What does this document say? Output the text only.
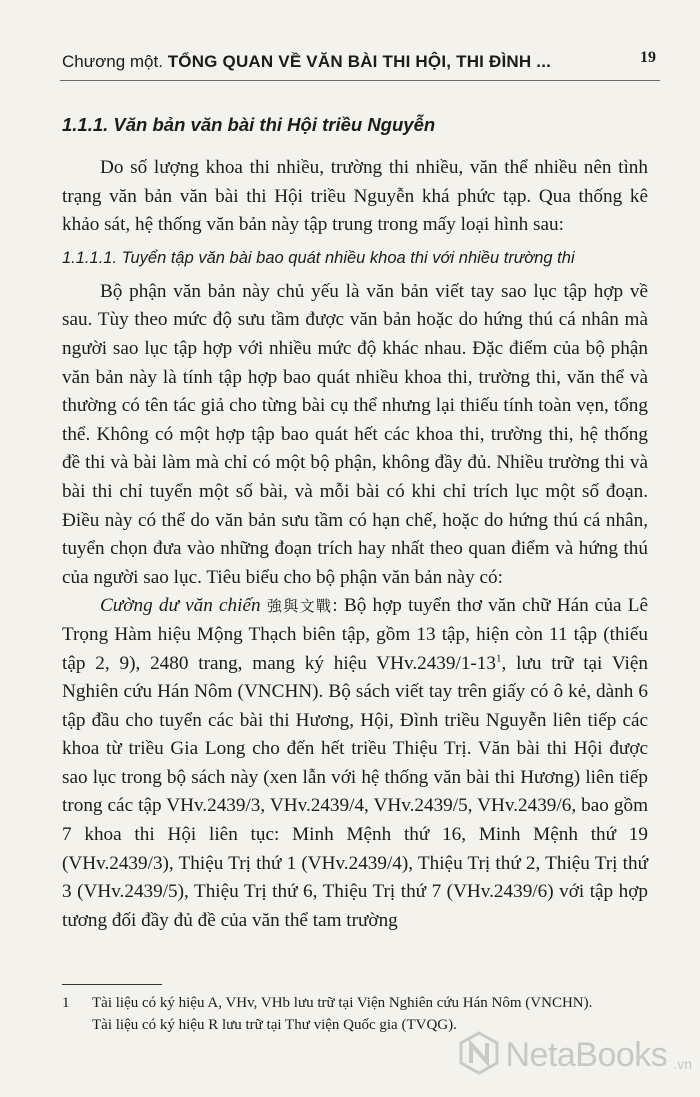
Chương một. TỔNG QUAN VỀ VĂN BÀI THI HỘI, THI ĐÌNH ...	19
1.1.1. Văn bản văn bài thi Hội triều Nguyễn

Do số lượng khoa thi nhiều, trường thi nhiều, văn thể nhiều nên tình trạng văn bản văn bài thi Hội triều Nguyễn khá phức tạp. Qua thống kê khảo sát, hệ thống văn bản này tập trung trong mấy loại hình sau:

1.1.1.1. Tuyển tập văn bài bao quát nhiều khoa thi với nhiều trường thi

Bộ phận văn bản này chủ yếu là văn bản viết tay sao lục tập hợp về sau. Tùy theo mức độ sưu tầm được văn bản hoặc do hứng thú cá nhân mà người sao lục tập hợp với nhiều mức độ khác nhau. Đặc điểm của bộ phận văn bản này là tính tập hợp bao quát nhiều khoa thi, trường thi, văn thể và thường có tên tác giả cho từng bài cụ thể nhưng lại thiếu tính toàn vẹn, tổng thể. Không có một hợp tập bao quát hết các khoa thi, trường thi, hệ thống đề thi và bài làm mà chỉ có một bộ phận, không đầy đủ. Nhiều trường thi và bài thi chỉ tuyển một số bài, và mỗi bài có khi chỉ trích lục một số đoạn. Điều này có thể do văn bản sưu tầm có hạn chế, hoặc do hứng thú cá nhân, tuyển chọn đưa vào những đoạn trích hay nhất theo quan điểm và hứng thú của người sao lục. Tiêu biểu cho bộ phận văn bản này có:

Cường dư văn chiến 強與文戰: Bộ hợp tuyển thơ văn chữ Hán của Lê Trọng Hàm hiệu Mộng Thạch biên tập, gồm 13 tập, hiện còn 11 tập (thiếu tập 2, 9), 2480 trang, mang ký hiệu $VHv.2439/1-13^1$, lưu trữ tại Viện Nghiên cứu Hán Nôm (VNCHN). Bộ sách viết tay trên giấy có ô kẻ, dành 6 tập đầu cho tuyển các bài thi Hương, Hội, Đình triều Nguyễn liên tiếp các khoa từ triều Gia Long cho đến hết triều Thiệu Trị. Văn bài thi Hội được sao lục trong bộ sách này (xen lẫn với hệ thống văn bài thi Hương) liên tiếp trong các tập VHv.2439/3, VHv.2439/4, VHv.2439/5, VHv.2439/6, bao gồm 7 khoa thi Hội liên tục: Minh Mệnh thứ 16, Minh Mệnh thứ 19 (VHv.2439/3), Thiệu Trị thứ 1 (VHv.2439/4), Thiệu Trị thứ 2, Thiệu Trị thứ 3 (VHv.2439/5), Thiệu Trị thứ 6, Thiệu Trị thứ 7 (VHv.2439/6) với tập hợp tương đối đầy đủ đề của văn thể tam trường

1 Tài liệu có ký hiệu A, VHv, VHb lưu trữ tại Viện Nghiên cứu Hán Nôm (VNCHN).
Tài liệu có ký hiệu R lưu trữ tại Thư viện Quốc gia (TVQG).
NetaBooks .vn
